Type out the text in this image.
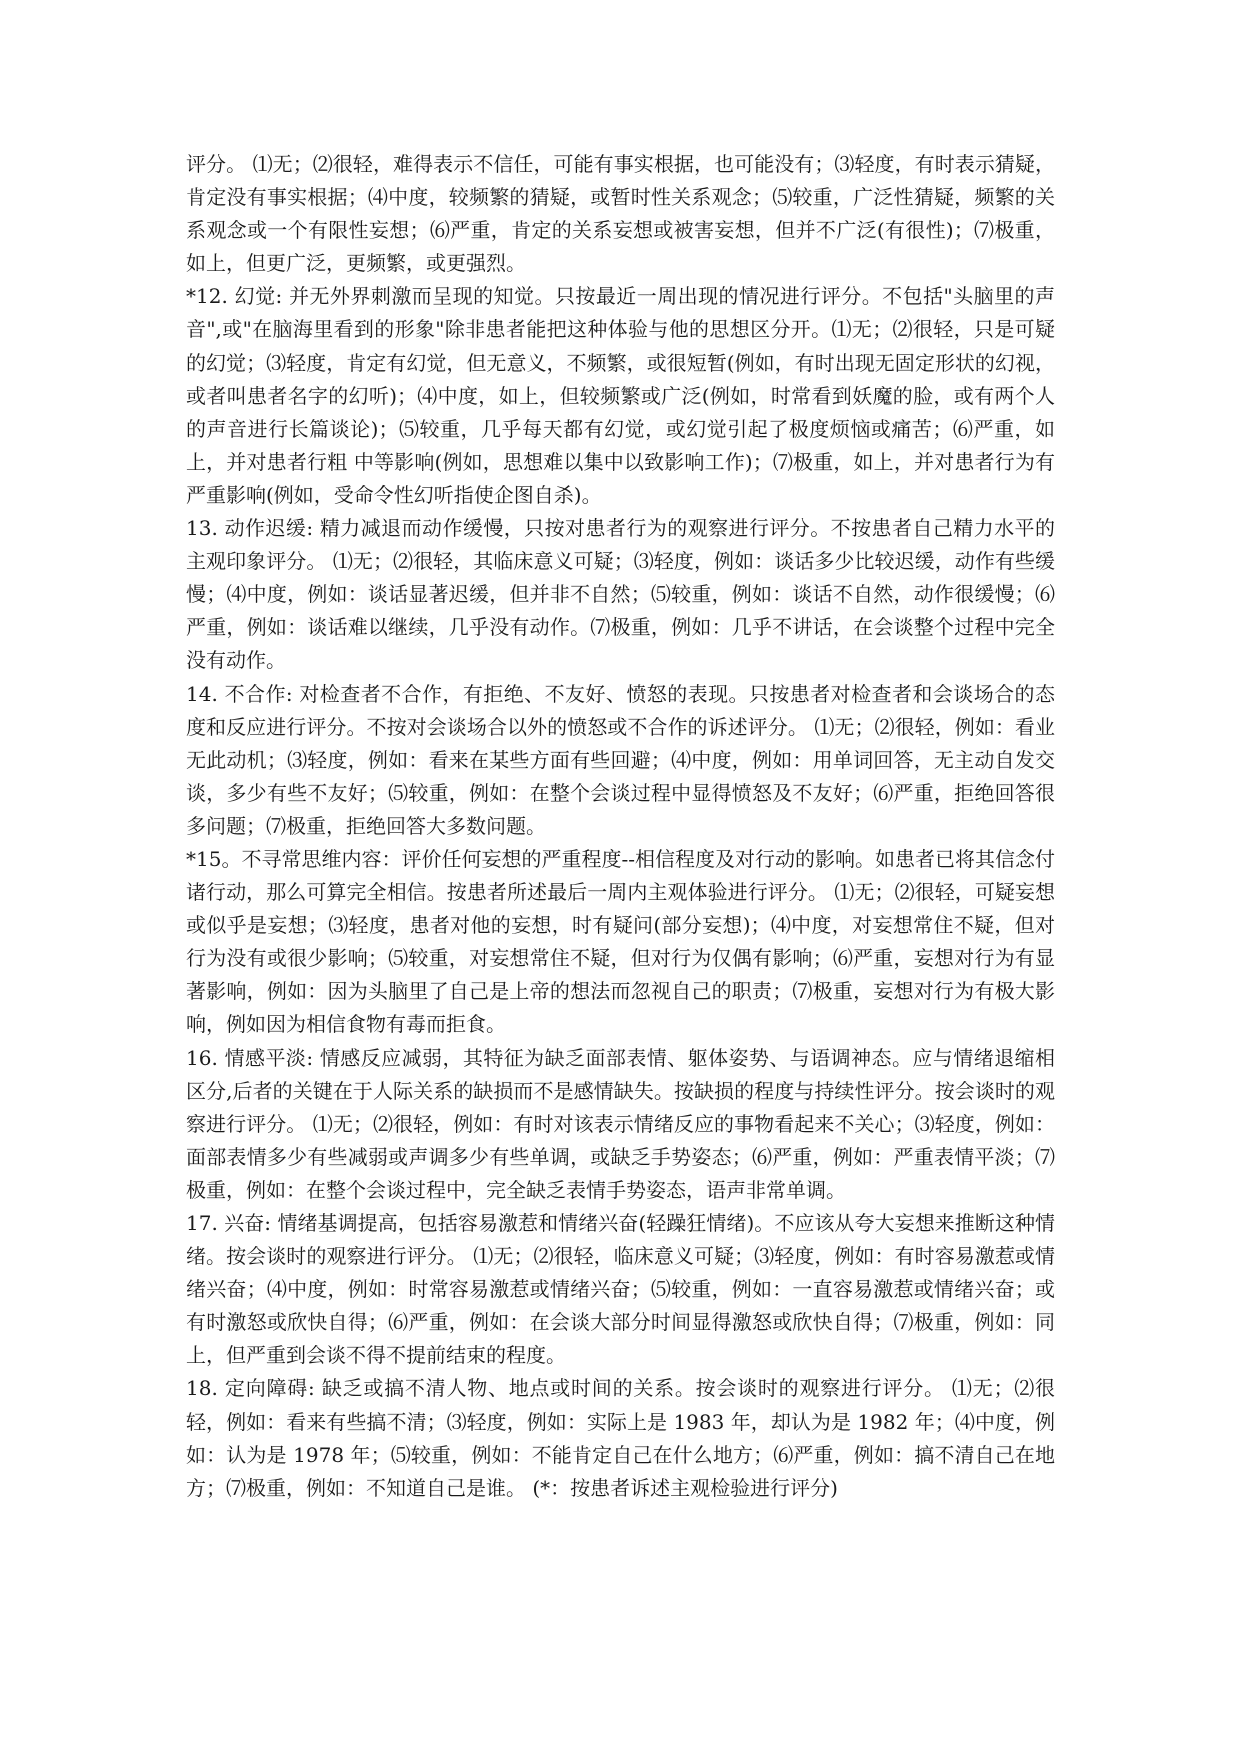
评分。 ⑴无；⑵很轻，难得表示不信任，可能有事实根据，也可能没有；⑶轻度，有时表示猜疑，肯定没有事实根据；⑷中度，较频繁的猜疑，或暂时性关系观念；⑸较重，广泛性猜疑，频繁的关系观念或一个有限性妄想；⑹严重，肯定的关系妄想或被害妄想，但并不广泛(有很性)；⑺极重，如上，但更广泛，更频繁，或更强烈。

*12. 幻觉: 并无外界刺激而呈现的知觉。只按最近一周出现的情况进行评分。不包括"头脑里的声音",或"在脑海里看到的形象"除非患者能把这种体验与他的思想区分开。⑴无；⑵很轻，只是可疑的幻觉；⑶轻度，肯定有幻觉，但无意义，不频繁，或很短暂(例如，有时出现无固定形状的幻视，或者叫患者名字的幻听)；⑷中度，如上，但较频繁或广泛(例如，时常看到妖魔的脸，或有两个人的声音进行长篇谈论)；⑸较重，几乎每天都有幻觉，或幻觉引起了极度烦恼或痛苦；⑹严重，如上，并对患者行粗 中等影响(例如，思想难以集中以致影响工作)；⑺极重，如上，并对患者行为有严重影响(例如，受命令性幻听指使企图自杀)。

13. 动作迟缓: 精力减退而动作缓慢，只按对患者行为的观察进行评分。不按患者自己精力水平的主观印象评分。 ⑴无；⑵很轻，其临床意义可疑；⑶轻度，例如：谈话多少比较迟缓，动作有些缓慢；⑷中度，例如：谈话显著迟缓，但并非不自然；⑸较重，例如：谈话不自然，动作很缓慢；⑹严重，例如：谈话难以继续，几乎没有动作。⑺极重，例如：几乎不讲话，在会谈整个过程中完全没有动作。

14. 不合作: 对检查者不合作，有拒绝、不友好、愤怒的表现。只按患者对检查者和会谈场合的态度和反应进行评分。不按对会谈场合以外的愤怒或不合作的诉述评分。 ⑴无；⑵很轻，例如：看业无此动机；⑶轻度，例如：看来在某些方面有些回避；⑷中度，例如：用单词回答，无主动自发交谈，多少有些不友好；⑸较重，例如：在整个会谈过程中显得愤怒及不友好；⑹严重，拒绝回答很多问题；⑺极重，拒绝回答大多数问题。

*15。不寻常思维内容：评价任何妄想的严重程度--相信程度及对行动的影响。如患者已将其信念付诸行动，那么可算完全相信。按患者所述最后一周内主观体验进行评分。 ⑴无；⑵很轻，可疑妄想或似乎是妄想；⑶轻度，患者对他的妄想，时有疑问(部分妄想)；⑷中度，对妄想常住不疑，但对行为没有或很少影响；⑸较重，对妄想常住不疑，但对行为仅偶有影响；⑹严重，妄想对行为有显著影响，例如：因为头脑里了自己是上帝的想法而忽视自己的职责；⑺极重，妄想对行为有极大影响，例如因为相信食物有毒而拒食。

16. 情感平淡: 情感反应减弱，其特征为缺乏面部表情、躯体姿势、与语调神态。应与情绪退缩相区分,后者的关键在于人际关系的缺损而不是感情缺失。按缺损的程度与持续性评分。按会谈时的观察进行评分。 ⑴无；⑵很轻，例如：有时对该表示情绪反应的事物看起来不关心；⑶轻度，例如：面部表情多少有些减弱或声调多少有些单调，或缺乏手势姿态；⑹严重，例如：严重表情平淡；⑺极重，例如：在整个会谈过程中，完全缺乏表情手势姿态，语声非常单调。

17. 兴奋: 情绪基调提高，包括容易激惹和情绪兴奋(轻躁狂情绪)。不应该从夸大妄想来推断这种情绪。按会谈时的观察进行评分。 ⑴无；⑵很轻，临床意义可疑；⑶轻度，例如：有时容易激惹或情绪兴奋；⑷中度，例如：时常容易激惹或情绪兴奋；⑸较重，例如：一直容易激惹或情绪兴奋；或有时激怒或欣快自得；⑹严重，例如：在会谈大部分时间显得激怒或欣快自得；⑺极重，例如：同上，但严重到会谈不得不提前结束的程度。

18. 定向障碍: 缺乏或搞不清人物、地点或时间的关系。按会谈时的观察进行评分。 ⑴无；⑵很轻，例如：看来有些搞不清；⑶轻度，例如：实际上是 1983 年，却认为是 1982 年；⑷中度，例如：认为是 1978 年；⑸较重，例如：不能肯定自己在什么地方；⑹严重，例如：搞不清自己在地方；⑺极重，例如：不知道自己是谁。 (*：按患者诉述主观检验进行评分)
